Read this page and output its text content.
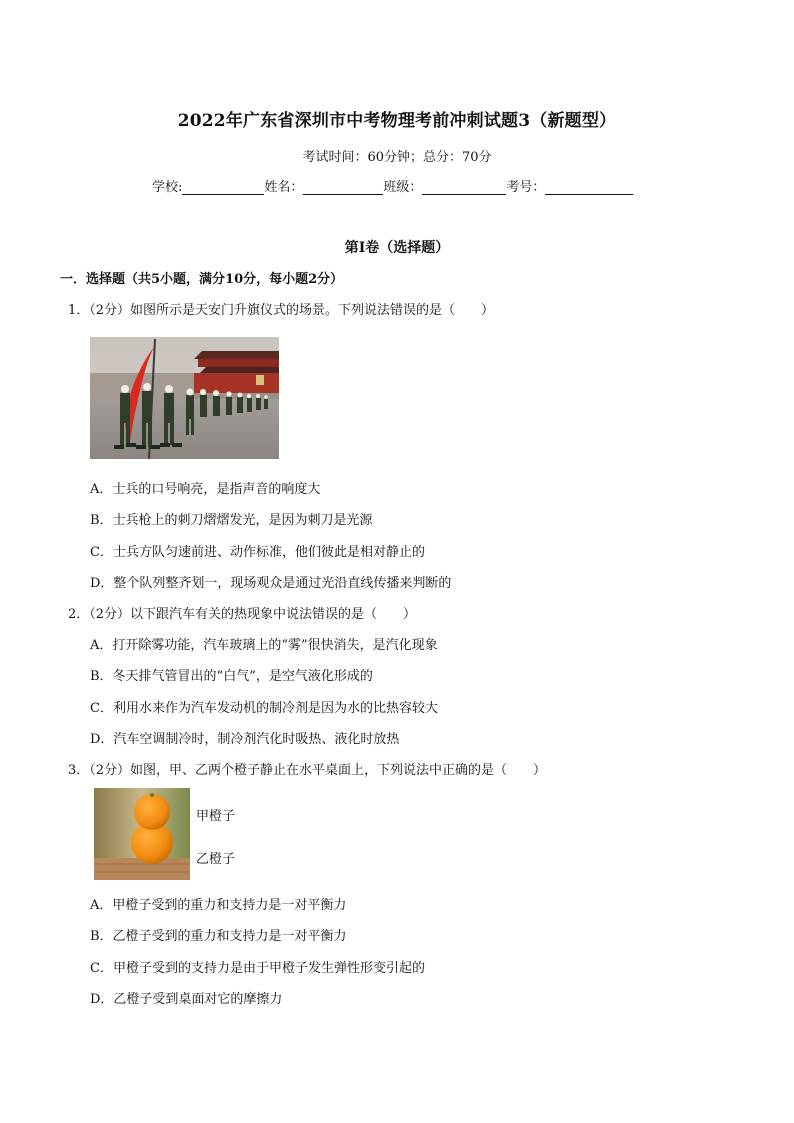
2022年广东省深圳市中考物理考前冲刺试题3（新题型）
考试时间：60分钟；总分：70分
学校:	姓名：	班级：	考号：
第Ⅰ卷（选择题）
一．选择题（共5小题，满分10分，每小题2分）
1．（2分）如图所示是天安门升旗仪式的场景。下列说法错误的是（　　）
A．士兵的口号响亮，是指声音的响度大
B．士兵枪上的刺刀熠熠发光，是因为刺刀是光源
C．士兵方队匀速前进、动作标准，他们彼此是相对静止的
D．整个队列整齐划一，现场观众是通过光沿直线传播来判断的
2．（2分）以下跟汽车有关的热现象中说法错误的是（　　）
A．打开除雾功能，汽车玻璃上的“雾”很快消失，是汽化现象
B．冬天排气管冒出的“白气”，是空气液化形成的
C．利用水来作为汽车发动机的制冷剂是因为水的比热容较大
D．汽车空调制冷时，制冷剂汽化时吸热、液化时放热
3．（2分）如图，甲、乙两个橙子静止在水平桌面上，下列说法中正确的是（　　）
甲橙子
乙橙子
A．甲橙子受到的重力和支持力是一对平衡力
B．乙橙子受到的重力和支持力是一对平衡力
C．甲橙子受到的支持力是由于甲橙子发生弹性形变引起的
D．乙橙子受到桌面对它的摩擦力
